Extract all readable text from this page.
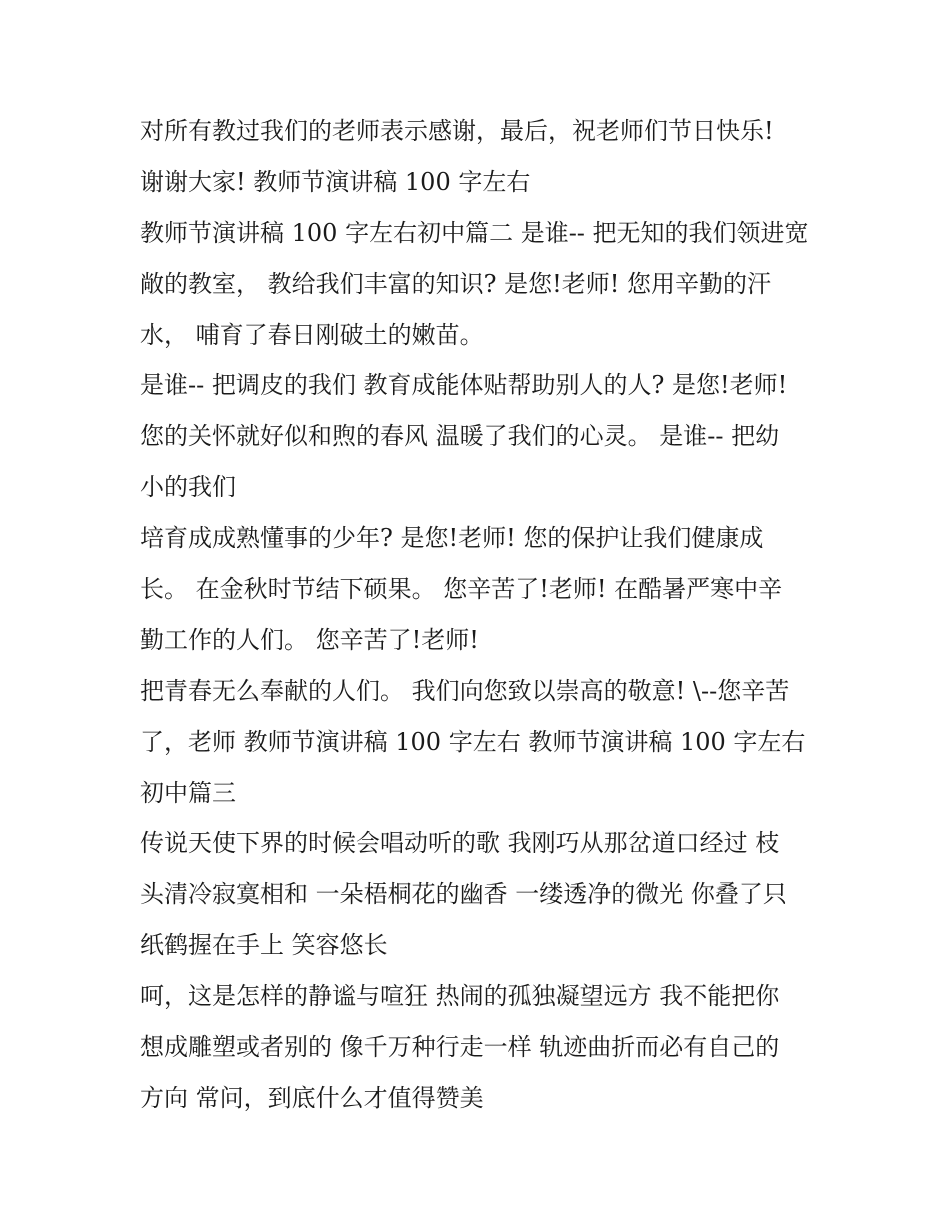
对所有教过我们的老师表示感谢，最后，祝老师们节日快乐!
谢谢大家! 教师节演讲稿 100 字左右
教师节演讲稿 100 字左右初中篇二 是谁-- 把无知的我们领进宽
敞的教室， 教给我们丰富的知识? 是您!老师! 您用辛勤的汗
水， 哺育了春日刚破土的嫩苗。
是谁-- 把调皮的我们 教育成能体贴帮助别人的人? 是您!老师!
您的关怀就好似和煦的春风 温暖了我们的心灵。 是谁-- 把幼
小的我们
培育成成熟懂事的少年? 是您!老师! 您的保护让我们健康成
长。 在金秋时节结下硕果。 您辛苦了!老师! 在酷暑严寒中辛
勤工作的人们。 您辛苦了!老师!
把青春无么奉献的人们。 我们向您致以崇高的敬意! \--您辛苦
了，老师 教师节演讲稿 100 字左右 教师节演讲稿 100 字左右
初中篇三
传说天使下界的时候会唱动听的歌 我刚巧从那岔道口经过 枝
头清冷寂寞相和 一朵梧桐花的幽香 一缕透净的微光 你叠了只
纸鹤握在手上 笑容悠长
呵，这是怎样的静谧与喧狂 热闹的孤独凝望远方 我不能把你
想成雕塑或者别的 像千万种行走一样 轨迹曲折而必有自己的
方向 常问，到底什么才值得赞美
